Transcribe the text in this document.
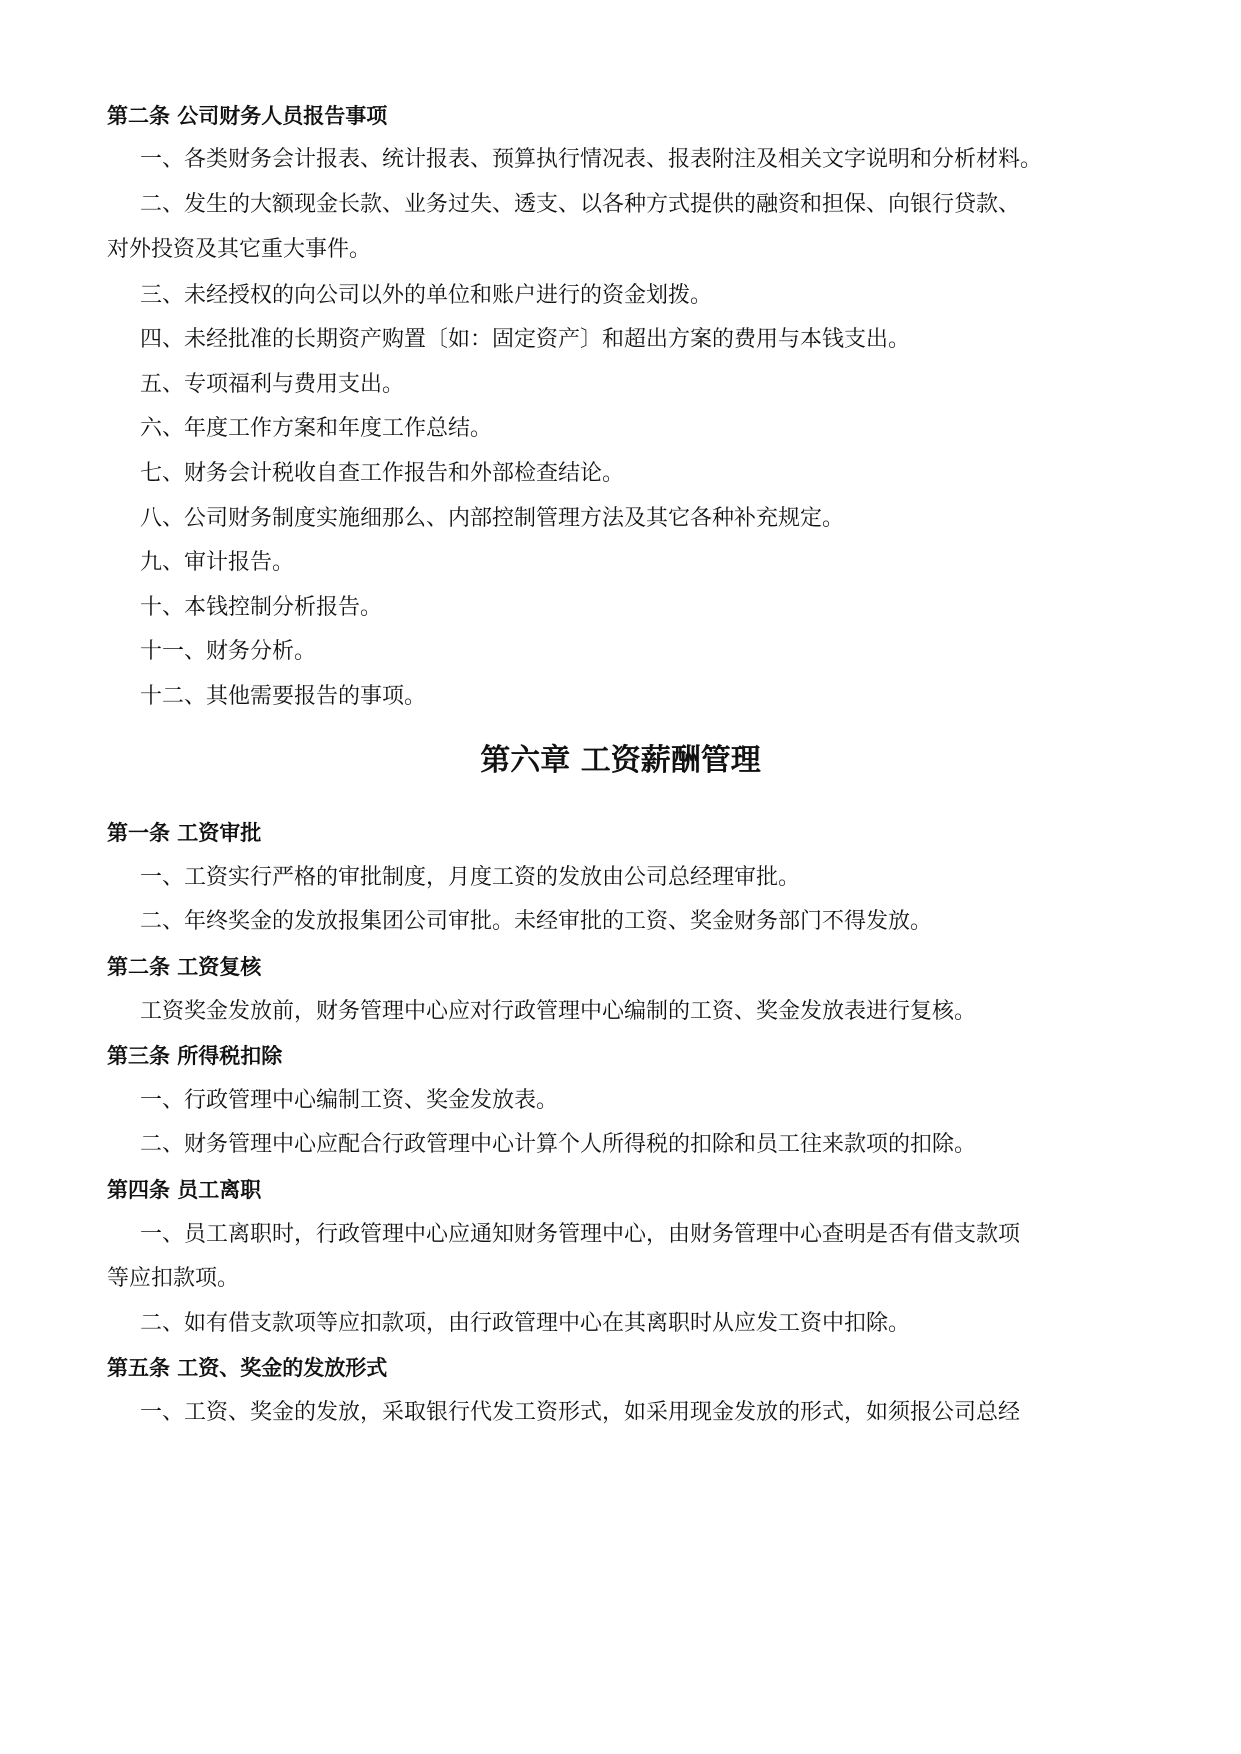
第二条 公司财务人员报告事项
一、各类财务会计报表、统计报表、预算执行情况表、报表附注及相关文字说明和分析材料。
二、发生的大额现金长款、业务过失、透支、以各种方式提供的融资和担保、向银行贷款、
对外投资及其它重大事件。
三、未经授权的向公司以外的单位和账户进行的资金划拨。
四、未经批准的长期资产购置〔如：固定资产〕和超出方案的费用与本钱支出。
五、专项福利与费用支出。
六、年度工作方案和年度工作总结。
七、财务会计税收自查工作报告和外部检查结论。
八、公司财务制度实施细那么、内部控制管理方法及其它各种补充规定。
九、审计报告。
十、本钱控制分析报告。
十一、财务分析。
十二、其他需要报告的事项。
第六章 工资薪酬管理
第一条 工资审批
一、工资实行严格的审批制度，月度工资的发放由公司总经理审批。
二、年终奖金的发放报集团公司审批。未经审批的工资、奖金财务部门不得发放。
第二条 工资复核
工资奖金发放前，财务管理中心应对行政管理中心编制的工资、奖金发放表进行复核。
第三条 所得税扣除
一、行政管理中心编制工资、奖金发放表。
二、财务管理中心应配合行政管理中心计算个人所得税的扣除和员工往来款项的扣除。
第四条 员工离职
一、员工离职时，行政管理中心应通知财务管理中心，由财务管理中心查明是否有借支款项
等应扣款项。
二、如有借支款项等应扣款项，由行政管理中心在其离职时从应发工资中扣除。
第五条 工资、奖金的发放形式
一、工资、奖金的发放，采取银行代发工资形式，如采用现金发放的形式，如须报公司总经
